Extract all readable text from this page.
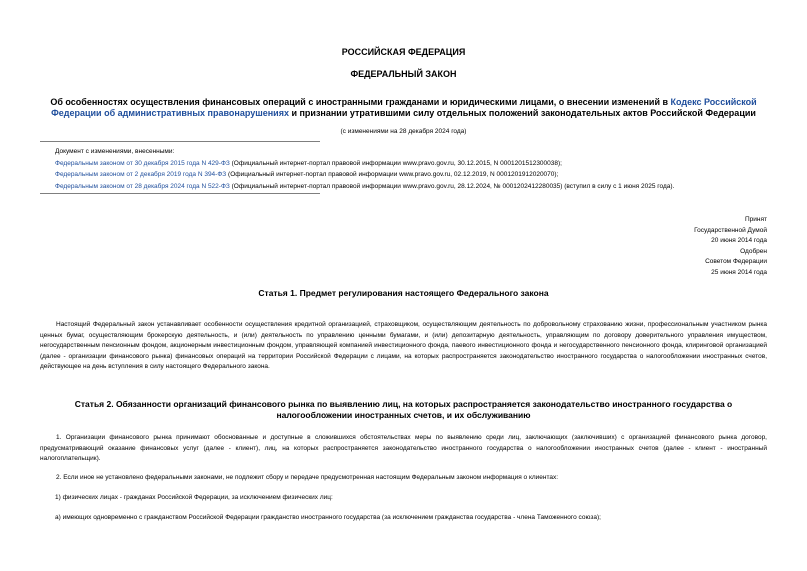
РОССИЙСКАЯ ФЕДЕРАЦИЯ
ФЕДЕРАЛЬНЫЙ ЗАКОН
Об особенностях осуществления финансовых операций с иностранными гражданами и юридическими лицами, о внесении изменений в Кодекс Российской Федерации об административных правонарушениях и признании утратившими силу отдельных положений законодательных актов Российской Федерации
(с изменениями на 28 декабря 2024 года)
Документ с изменениями, внесенными:
Федеральным законом от 30 декабря 2015 года N 429-ФЗ (Официальный интернет-портал правовой информации www.pravo.gov.ru, 30.12.2015, N 0001201512300038);
Федеральным законом от 2 декабря 2019 года N 394-ФЗ (Официальный интернет-портал правовой информации www.pravo.gov.ru, 02.12.2019, N 0001201912020070);
Федеральным законом от 28 декабря 2024 года N 522-ФЗ (Официальный интернет-портал правовой информации www.pravo.gov.ru, 28.12.2024, № 0001202412280035) (вступил в силу с 1 июня 2025 года).
Принят
Государственной Думой
20 июня 2014 года
Одобрен
Советом Федерации
25 июня 2014 года
Статья 1. Предмет регулирования настоящего Федерального закона
Настоящий Федеральный закон устанавливает особенности осуществления кредитной организацией, страховщиком, осуществляющим деятельность по добровольному страхованию жизни, профессиональным участником рынка ценных бумаг, осуществляющим брокерскую деятельность, и (или) деятельность по управлению ценными бумагами, и (или) депозитарную деятельность, управляющим по договору доверительного управления имуществом, негосударственным пенсионным фондом, акционерным инвестиционным фондом, управляющей компанией инвестиционного фонда, паевого инвестиционного фонда и негосударственного пенсионного фонда, клиринговой организацией (далее - организации финансового рынка) финансовых операций на территории Российской Федерации с лицами, на которых распространяется законодательство иностранного государства о налогообложении иностранных счетов, действующее на день вступления в силу настоящего Федерального закона.
Статья 2. Обязанности организаций финансового рынка по выявлению лиц, на которых распространяется законодательство иностранного государства о налогообложении иностранных счетов, и их обслуживанию
1. Организации финансового рынка принимают обоснованные и доступные в сложившихся обстоятельствах меры по выявлению среди лиц, заключающих (заключивших) с организацией финансового рынка договор, предусматривающий оказание финансовых услуг (далее - клиент), лиц, на которых распространяется законодательство иностранного государства о налогообложении иностранных счетов (далее - клиент - иностранный налогоплательщик).
2. Если иное не установлено федеральными законами, не подлежит сбору и передаче предусмотренная настоящим Федеральным законом информация о клиентах:
1) физических лицах - гражданах Российской Федерации, за исключением физических лиц:
а) имеющих одновременно с гражданством Российской Федерации гражданство иностранного государства (за исключением гражданства государства - члена Таможенного союза);
